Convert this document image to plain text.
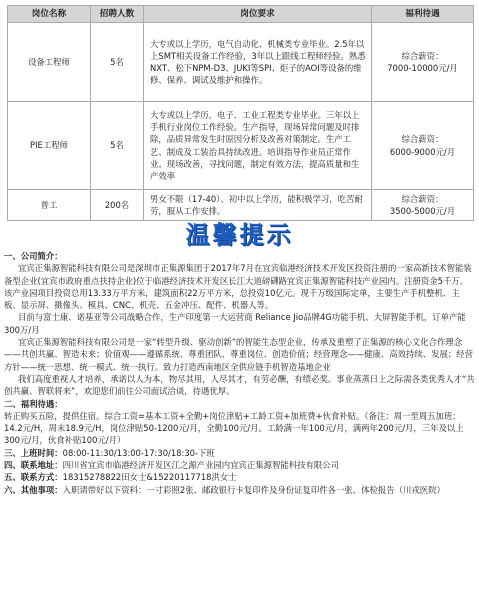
岗位名称	招聘人数	岗位要求	福利待遇
设备工程师	5名	大专或以上学历，电气自动化、机械类专业毕业。2.5年以上SMT相关设备工作经验，3年以上跟线工程师经验。熟悉NXT、松下NPM-D3、JUKI等SPI、炬子的AOI等设备的维修、保养、调试及维护和操作。	综合薪资：
7000-10000元/月

PIE工程师	5名	大专或以上学历，电子、工业工程类专业毕业。三年以上手机行业岗位工作经验。生产指导，现场异常问题及时排除，品质异常发生时原因分析及改善对策制定。生产工艺、制成及工装治具持续改进。培训指导作业员正常作业。现场改善，寻找问题，制定有效方法，提高质量和生产效率	综合薪资：
6000-9000元/月

普工	200名	男女不限（17-40）、初中以上学历，能积极学习，吃苦耐劳，服从工作安排。	综合薪资：
3500-5000元/月
温馨提示

一、公司简介：

宜宾正集源智能科技有限公司是深圳市正集源集团于2017年7月在宜宾临港经济技术开发区投资注册的一家高新技术智能装备型企业(宜宾市政府重点扶持企业)位于临港经济技术开发区长江大道磅礴路宜宾正集源智能科技产业园内。注册资金5千万。该产业园项目投资总用13.33万平方米，建筑面积22万平方米，总投资10亿元。现千万级国际定单，主要生产手机整机、主板、显示屏、摄像头、模具、CNC、机壳、五金冲压、配件、机器人等。

目前与富士康、诺基亚等公司战略合作，生产印度第一大运营商 Reliance Jio品牌4G功能手机、大屏智能手机，订单产能300万/月

宜宾正集源智能科技有限公司是一家“转型升级、驱动创新”的智能生态型企业，传承及重塑了正集源的核心文化合作理念——共创共赢、智造未来；价值观——遵循系统、尊重团队、尊重岗位、创造价值；经营理念——健康、高效持续、发展；经营方针——统一思想、统一模式、统一执行。致力打造西南地区全供应链手机智造基地企业

我们高度重视人才培养，承诺以人为本，物尽其用，人尽其才，有劳必酬，有绩必奖。事业蒸蒸日上之际需各类优秀人才“共创共赢、智联将来”，欢迎您们前往公司面试洽谈，待遇优厚。

二、福利待遇：

转正购买五险，提供住宿。综合工资=基本工资+全勤+岗位津贴+工龄工资+加班费+伙食补贴。（备注：周一至周五加班：14.2元/H，周末18.9元/H，岗位津贴50-1200元/月，全勤100元/月。工龄满一年100元/月，满两年200元/月，三年及以上300元/月，伙食补贴100元/月）

三、上班时间：08:00-11:30/13:00-17:30/18:30-下班

四、联系地址：四川省宜宾市临港经济开发区江之源产业园内宜宾正集源智能科技有限公司

五、联系方式：18315278822田女士&15220117718洪女士

六、其他事项：入职请带好以下资料：一寸彩照2张、邮政银行卡复印件及身份证复印件各一张、体检报告（川戎医院）
